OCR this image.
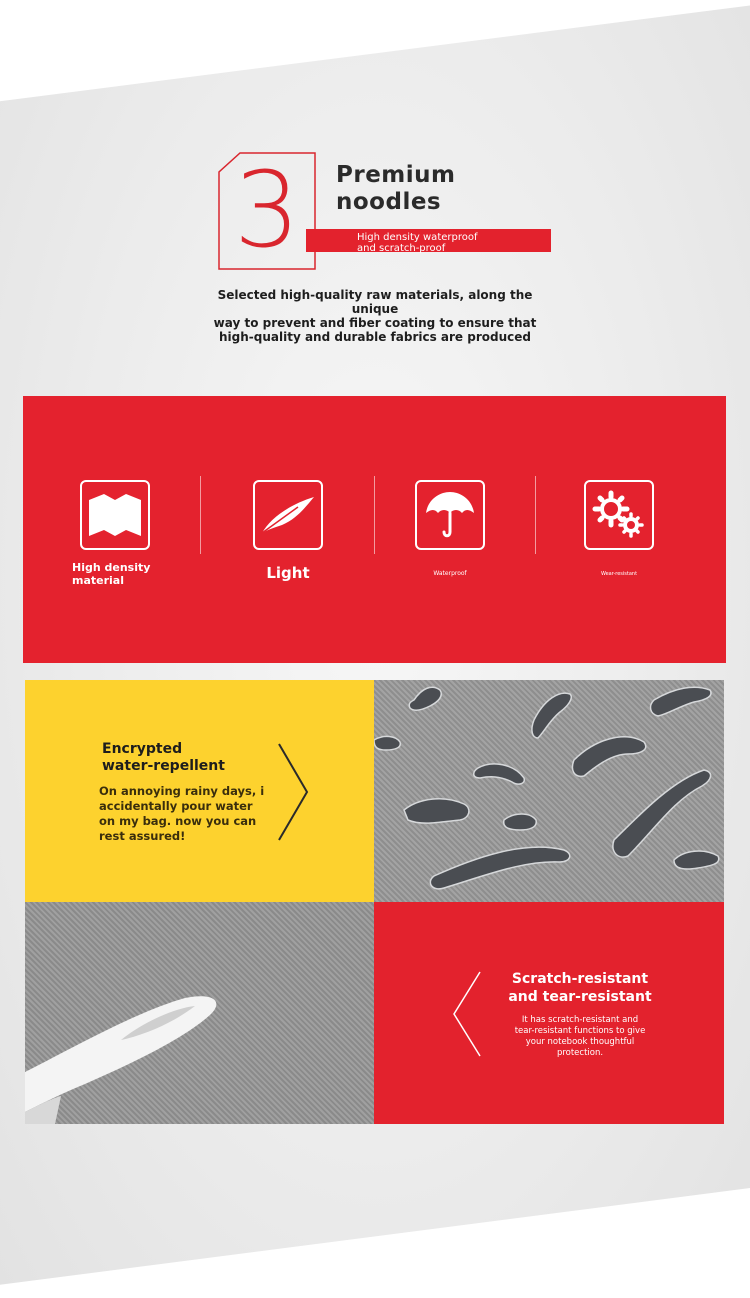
3 Premium
noodles
High density waterproof
and scratch-proof
Selected high-quality raw materials, along the unique
way to prevent and fiber coating to ensure that
high-quality and durable fabrics are produced
High density
material	Light	Waterproof	Wear-resistant
Encrypted
water-repellent
On annoying rainy days, i
accidentally pour water
on my bag. now you can
rest assured!
Scratch-resistant
and tear-resistant
It has scratch-resistant and
tear-resistant functions to give
your notebook thoughtful
protection.
